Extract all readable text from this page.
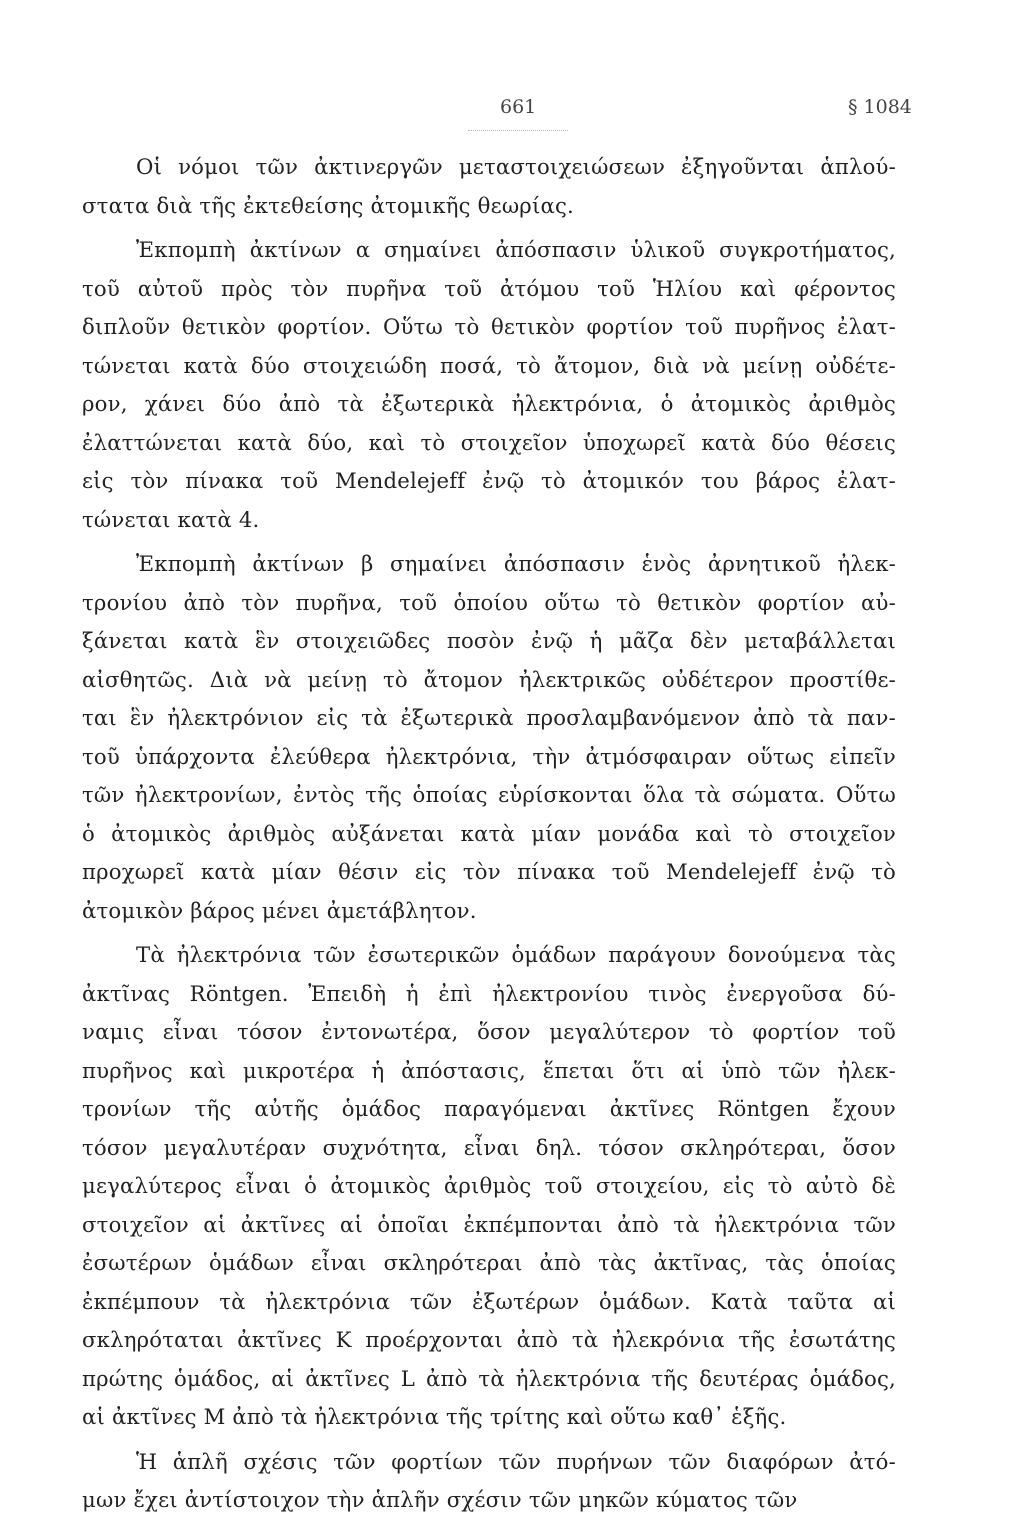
661	§ 1084
Οἱ νόμοι τῶν ἀκτινεργῶν μεταστοιχειώσεων ἐξηγοῦνται ἁπλού-
στατα διὰ τῆς ἐκτεθείσης ἀτομικῆς θεωρίας.
Ἐκπομπὴ ἀκτίνων α σημαίνει ἀπόσπασιν ὑλικοῦ συγκροτήματος,
τοῦ αὐτοῦ πρὸς τὸν πυρῆνα τοῦ ἀτόμου τοῦ Ἡλίου καὶ φέροντος
διπλοῦν θετικὸν φορτίον. Οὕτω τὸ θετικὸν φορτίον τοῦ πυρῆνος ἐλατ-
τώνεται κατὰ δύο στοιχειώδη ποσά, τὸ ἄτομον, διὰ νὰ μείνῃ οὐδέτε-
ρον, χάνει δύο ἀπὸ τὰ ἐξωτερικὰ ἠλεκτρόνια, ὁ ἀτομικὸς ἀριθμὸς
ἐλαττώνεται κατὰ δύο, καὶ τὸ στοιχεῖον ὑποχωρεῖ κατὰ δύο θέσεις
εἰς τὸν πίνακα τοῦ Mendelejeff ἐνῷ τὸ ἀτομικόν του βάρος ἐλατ-
τώνεται κατὰ 4.
Ἐκπομπὴ ἀκτίνων β σημαίνει ἀπόσπασιν ἑνὸς ἀρνητικοῦ ἠλεκ-
τρονίου ἀπὸ τὸν πυρῆνα, τοῦ ὁποίου οὕτω τὸ θετικὸν φορτίον αὐ-
ξάνεται κατὰ ἓν στοιχειῶδες ποσὸν ἐνῷ ἡ μᾶζα δὲν μεταβάλλεται
αἰσθητῶς. Διὰ νὰ μείνῃ τὸ ἄτομον ἠλεκτρικῶς οὐδέτερον προστίθε-
ται ἓν ἠλεκτρόνιον εἰς τὰ ἐξωτερικὰ προσλαμβανόμενον ἀπὸ τὰ παν-
τοῦ ὑπάρχοντα ἐλεύθερα ἠλεκτρόνια, τὴν ἀτμόσφαιραν οὕτως εἰπεῖν
τῶν ἠλεκτρονίων, ἐντὸς τῆς ὁποίας εὑρίσκονται ὅλα τὰ σώματα. Οὕτω
ὁ ἀτομικὸς ἀριθμὸς αὐξάνεται κατὰ μίαν μονάδα καὶ τὸ στοιχεῖον
προχωρεῖ κατὰ μίαν θέσιν εἰς τὸν πίνακα τοῦ Mendelejeff ἐνῷ τὸ
ἀτομικὸν βάρος μένει ἀμετάβλητον.
Τὰ ἠλεκτρόνια τῶν ἐσωτερικῶν ὁμάδων παράγουν δονούμενα τὰς
ἀκτῖνας Röntgen. Ἐπειδὴ ἡ ἐπὶ ἠλεκτρονίου τινὸς ἐνεργοῦσα δύ-
ναμις εἶναι τόσον ἐντονωτέρα, ὅσον μεγαλύτερον τὸ φορτίον τοῦ
πυρῆνος καὶ μικροτέρα ἡ ἀπόστασις, ἕπεται ὅτι αἱ ὑπὸ τῶν ἠλεκ-
τρονίων τῆς αὐτῆς ὁμάδος παραγόμεναι ἀκτῖνες Röntgen ἔχουν
τόσον μεγαλυτέραν συχνότητα, εἶναι δηλ. τόσον σκληρότεραι, ὅσον
μεγαλύτερος εἶναι ὁ ἀτομικὸς ἀριθμὸς τοῦ στοιχείου, εἰς τὸ αὐτὸ δὲ
στοιχεῖον αἱ ἀκτῖνες αἱ ὁποῖαι ἐκπέμπονται ἀπὸ τὰ ἠλεκτρόνια τῶν
ἐσωτέρων ὁμάδων εἶναι σκληρότεραι ἀπὸ τὰς ἀκτῖνας, τὰς ὁποίας
ἐκπέμπουν τὰ ἠλεκτρόνια τῶν ἐξωτέρων ὁμάδων. Κατὰ ταῦτα αἱ
σκληρόταται ἀκτῖνες Κ προέρχονται ἀπὸ τὰ ἠλεκρόνια τῆς ἐσωτάτης
πρώτης ὁμάδος, αἱ ἀκτῖνες L ἀπὸ τὰ ἠλεκτρόνια τῆς δευτέρας ὁμάδος,
αἱ ἀκτῖνες Μ ἀπὸ τὰ ἠλεκτρόνια τῆς τρίτης καὶ οὕτω καθ᾽ ἑξῆς.
Ἡ ἁπλῆ σχέσις τῶν φορτίων τῶν πυρήνων τῶν διαφόρων ἀτό-
μων ἔχει ἀντίστοιχον τὴν ἁπλῆν σχέσιν τῶν μηκῶν κύματος τῶν
